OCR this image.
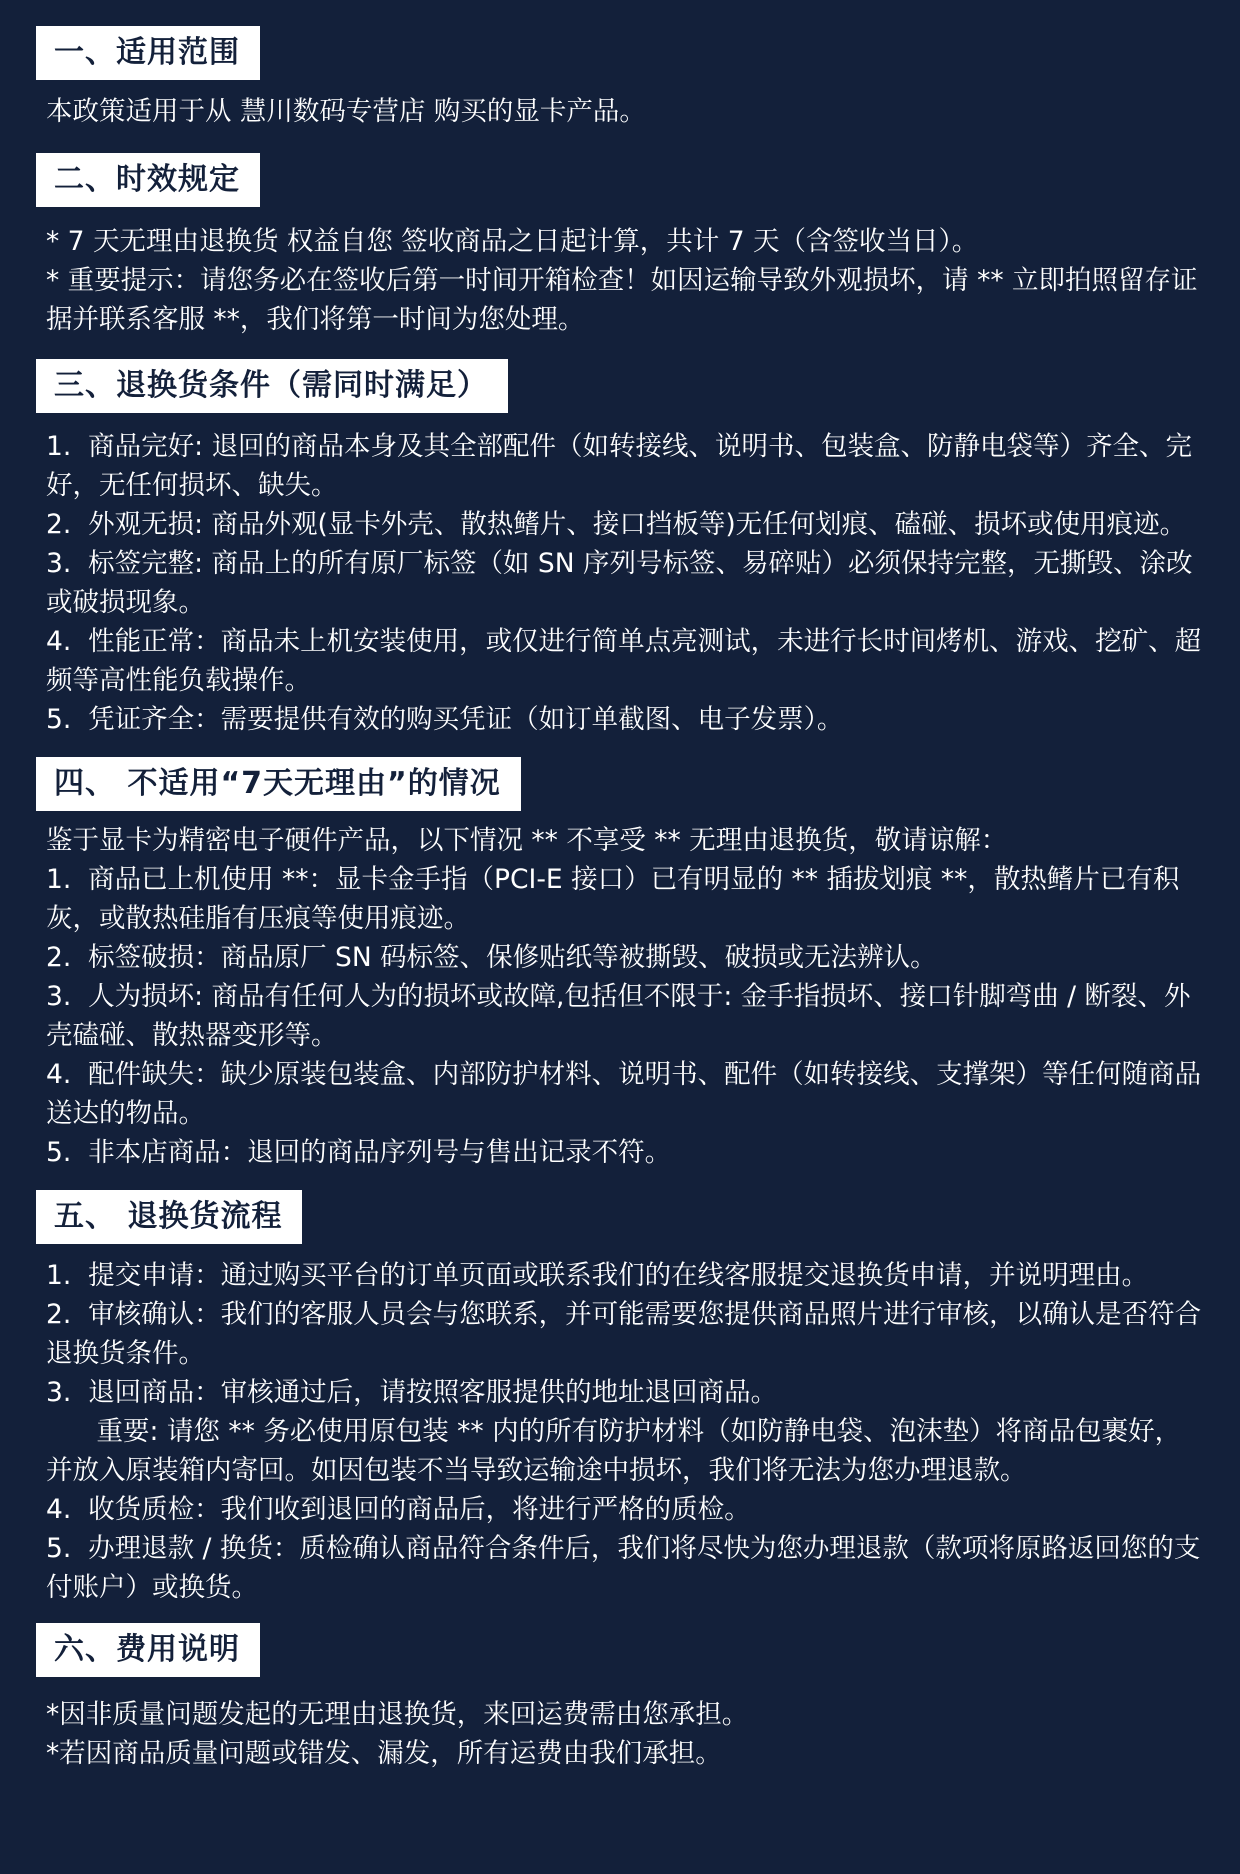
一、适用范围

本政策适用于从 慧川数码专营店 购买的显卡产品。

二、时效规定

* 7 天无理由退换货 权益自您 签收商品之日起计算，共计 7 天（含签收当日）。

* 重要提示：请您务必在签收后第一时间开箱检查！如因运输导致外观损坏，请 ** 立即拍照留存证据并联系客服 **，我们将第一时间为您处理。

三、退换货条件（需同时满足）

1.  商品完好: 退回的商品本身及其全部配件（如转接线、说明书、包装盒、防静电袋等）齐全、完好，无任何损坏、缺失。

2.  外观无损: 商品外观(显卡外壳、散热鳍片、接口挡板等)无任何划痕、磕碰、损坏或使用痕迹。

3.  标签完整: 商品上的所有原厂标签（如 SN 序列号标签、易碎贴）必须保持完整，无撕毁、涂改或破损现象。

4.  性能正常：商品未上机安装使用，或仅进行简单点亮测试，未进行长时间烤机、游戏、挖矿、超频等高性能负载操作。

5.  凭证齐全：需要提供有效的购买凭证（如订单截图、电子发票）。

四、 不适用“7天无理由”的情况

鉴于显卡为精密电子硬件产品，以下情况 ** 不享受 ** 无理由退换货，敬请谅解：

1.  商品已上机使用 **：显卡金手指（PCI-E 接口）已有明显的 ** 插拔划痕 **，散热鳍片已有积灰，或散热硅脂有压痕等使用痕迹。

2.  标签破损：商品原厂 SN 码标签、保修贴纸等被撕毁、破损或无法辨认。

3.  人为损坏: 商品有任何人为的损坏或故障,包括但不限于: 金手指损坏、接口针脚弯曲 / 断裂、外壳磕碰、散热器变形等。

4.  配件缺失：缺少原装包装盒、内部防护材料、说明书、配件（如转接线、支撑架）等任何随商品送达的物品。

5.  非本店商品：退回的商品序列号与售出记录不符。

五、 退换货流程

1.  提交申请：通过购买平台的订单页面或联系我们的在线客服提交退换货申请，并说明理由。

2.  审核确认：我们的客服人员会与您联系，并可能需要您提供商品照片进行审核，以确认是否符合退换货条件。

3.  退回商品：审核通过后，请按照客服提供的地址退回商品。

重要: 请您 ** 务必使用原包装 ** 内的所有防护材料（如防静电袋、泡沫垫）将商品包裹好，并放入原装箱内寄回。如因包装不当导致运输途中损坏，我们将无法为您办理退款。

4.  收货质检：我们收到退回的商品后，将进行严格的质检。

5.  办理退款 / 换货：质检确认商品符合条件后，我们将尽快为您办理退款（款项将原路返回您的支付账户）或换货。

六、费用说明

*因非质量问题发起的无理由退换货，来回运费需由您承担。

*若因商品质量问题或错发、漏发，所有运费由我们承担。
